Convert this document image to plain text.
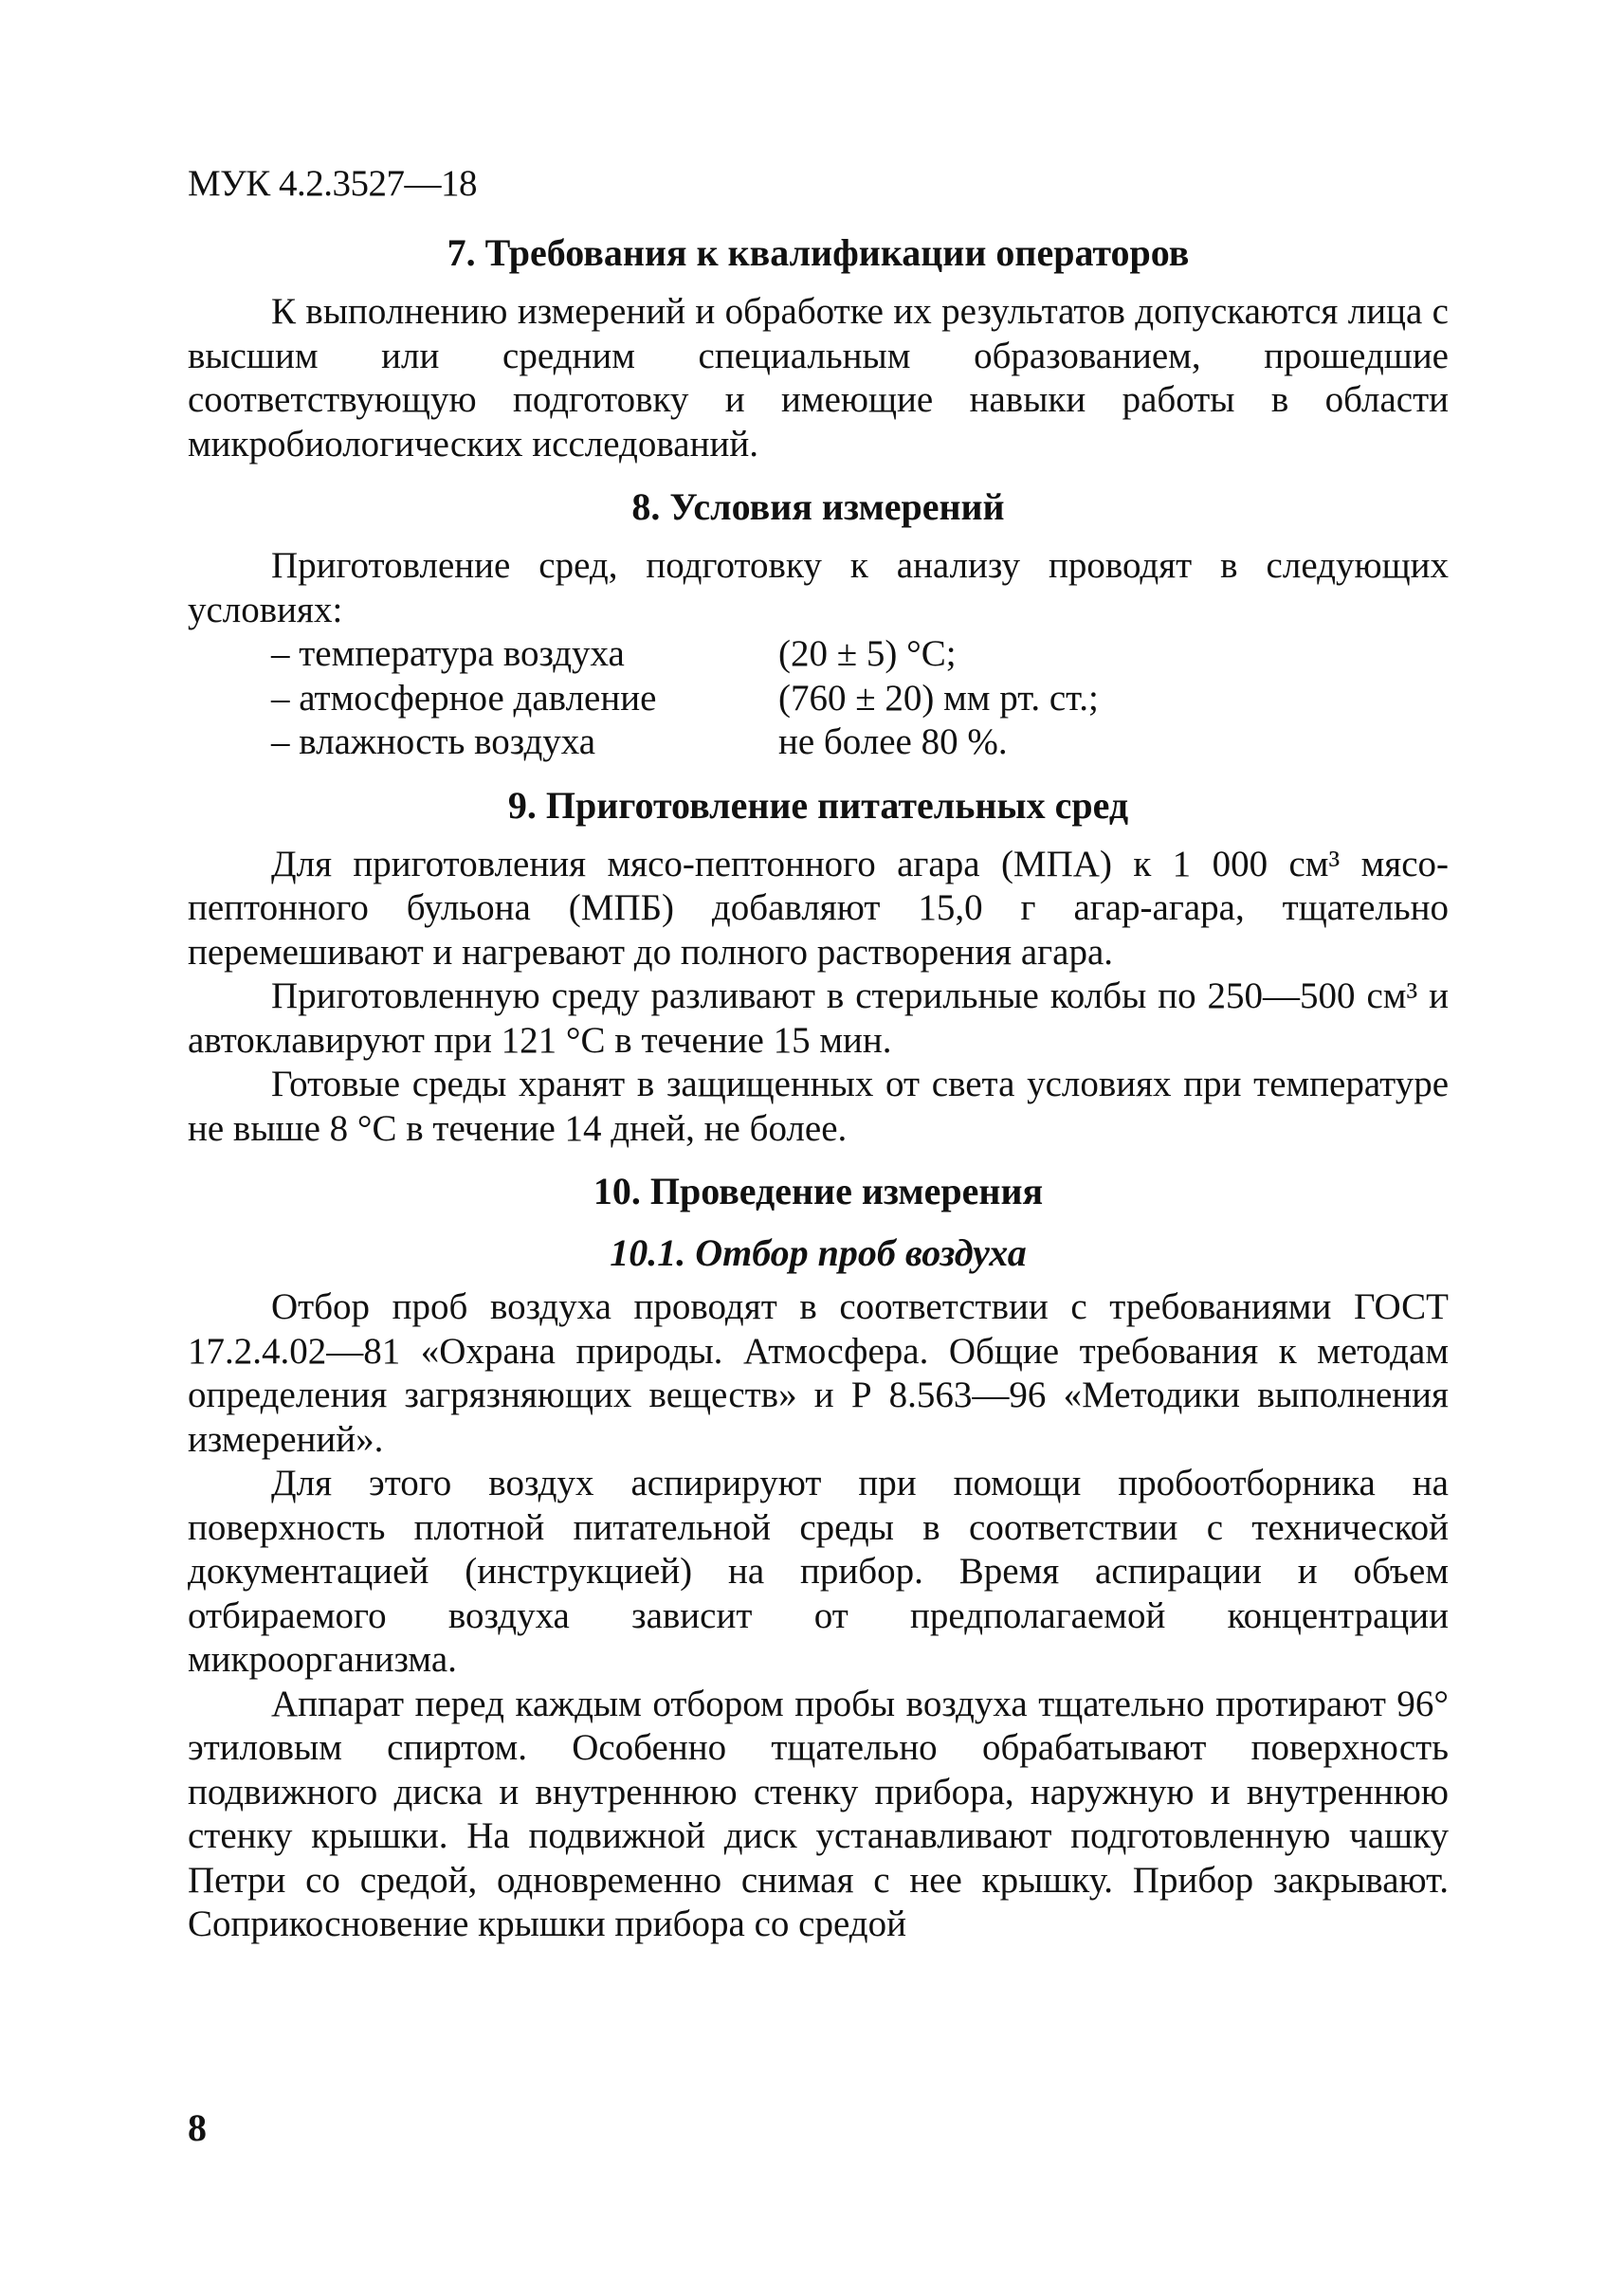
МУК 4.2.3527—18
7. Требования к квалификации операторов

К выполнению измерений и обработке их результатов допускаются лица с высшим или средним специальным образованием, прошедшие соответствующую подготовку и имеющие навыки работы в области микробиологических исследований.

8. Условия измерений

Приготовление сред, подготовку к анализу проводят в следующих условиях:

– температура воздуха	(20 ± 5) °С;
– атмосферное давление	(760 ± 20) мм рт. ст.;
– влажность воздуха	не более 80 %.
9. Приготовление питательных сред

Для приготовления мясо-пептонного агара (МПА) к 1 000 см³ мясо-пептонного бульона (МПБ) добавляют 15,0 г агар-агара, тщательно перемешивают и нагревают до полного растворения агара.

Приготовленную среду разливают в стерильные колбы по 250—500 см³ и автоклавируют при 121 °С в течение 15 мин.

Готовые среды хранят в защищенных от света условиях при температуре не выше 8 °С в течение 14 дней, не более.

10. Проведение измерения
10.1. Отбор проб воздуха

Отбор проб воздуха проводят в соответствии с требованиями ГОСТ 17.2.4.02—81 «Охрана природы. Атмосфера. Общие требования к методам определения загрязняющих веществ» и Р 8.563—96 «Методики выполнения измерений».

Для этого воздух аспирируют при помощи пробоотборника на поверхность плотной питательной среды в соответствии с технической документацией (инструкцией) на прибор. Время аспирации и объем отбираемого воздуха зависит от предполагаемой концентрации микроорганизма.

Аппарат перед каждым отбором пробы воздуха тщательно протирают 96° этиловым спиртом. Особенно тщательно обрабатывают поверхность подвижного диска и внутреннюю стенку прибора, наружную и внутреннюю стенку крышки. На подвижной диск устанавливают подготовленную чашку Петри со средой, одновременно снимая с нее крышку. Прибор закрывают. Соприкосновение крышки прибора со средой

8
